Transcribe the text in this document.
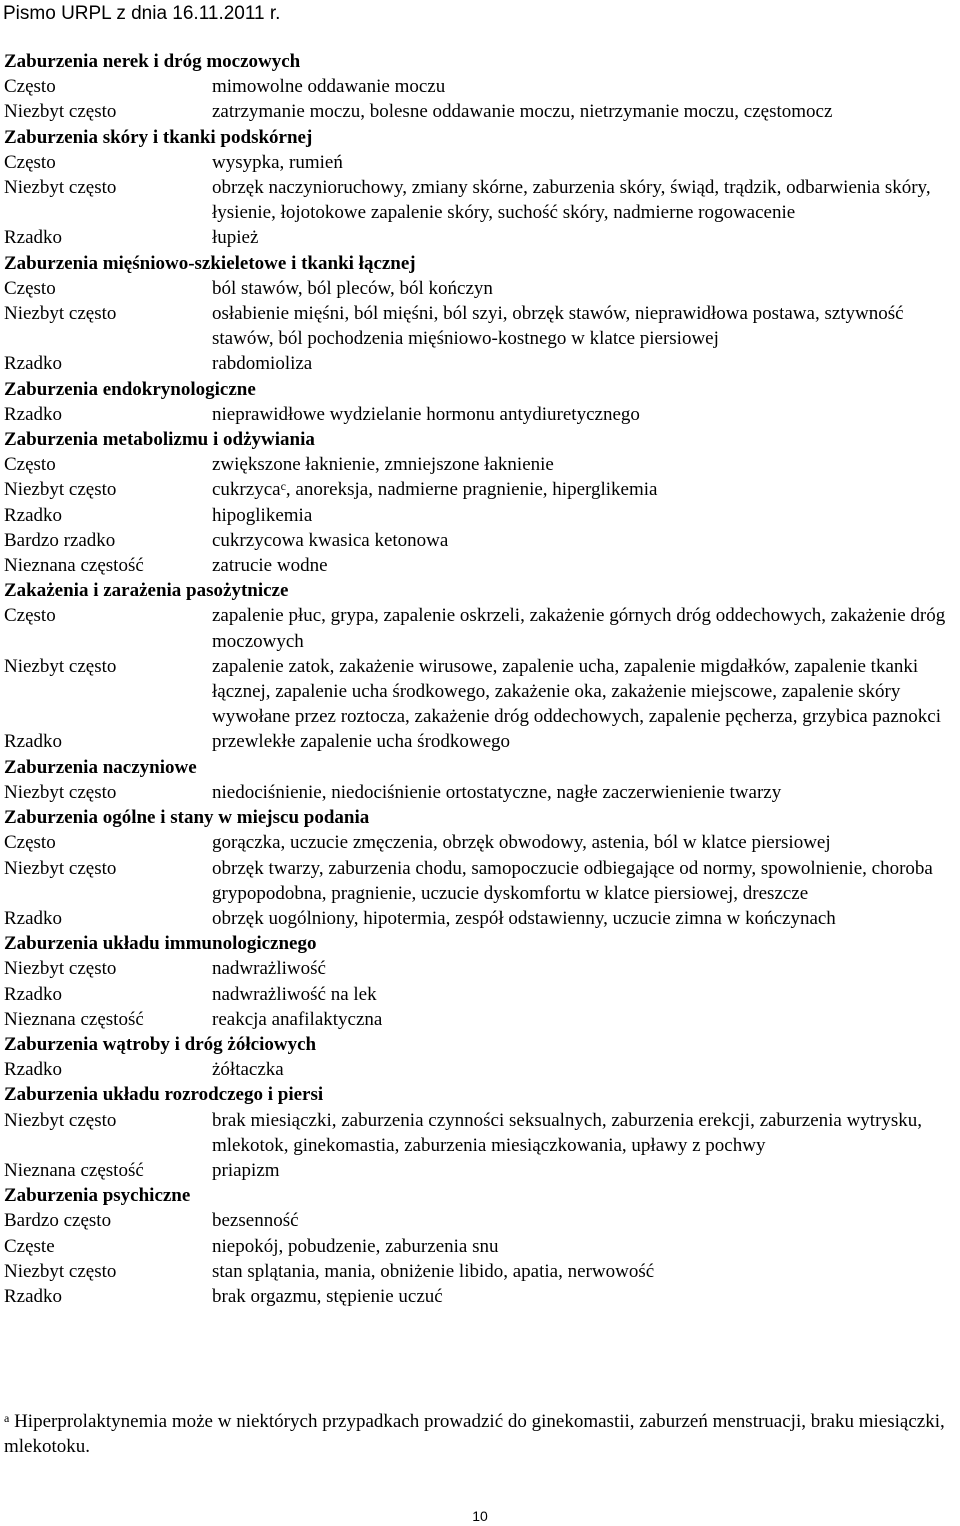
Pismo URPL z dnia 16.11.2011 r.
Zaburzenia nerek i dróg moczowych
Często	mimowolne oddawanie moczu
Niezbyt często	zatrzymanie moczu, bolesne oddawanie moczu, nietrzymanie moczu, częstomocz
Zaburzenia skóry i tkanki podskórnej
Często	wysypka, rumień
Niezbyt często	obrzęk naczynioruchowy, zmiany skórne, zaburzenia skóry, świąd, trądzik, odbarwienia skóry, łysienie, łojotokowe zapalenie skóry, suchość skóry, nadmierne rogowacenie
Rzadko	łupież
Zaburzenia mięśniowo-szkieletowe i tkanki łącznej
Często	ból stawów, ból pleców, ból kończyn
Niezbyt często	osłabienie mięśni, ból mięśni, ból szyi, obrzęk stawów, nieprawidłowa postawa, sztywność stawów, ból pochodzenia mięśniowo-kostnego w klatce piersiowej
Rzadko	rabdomioliza
Zaburzenia endokrynologiczne
Rzadko	nieprawidłowe wydzielanie hormonu antydiuretycznego
Zaburzenia metabolizmu i odżywiania
Często	zwiększone łaknienie, zmniejszone łaknienie
Niezbyt często	cukrzyca$^c$, anoreksja, nadmierne pragnienie, hiperglikemia
Rzadko	hipoglikemia
Bardzo rzadko	cukrzycowa kwasica ketonowa
Nieznana częstość	zatrucie wodne
Zakażenia i zarażenia pasożytnicze
Często	zapalenie płuc, grypa, zapalenie oskrzeli, zakażenie górnych dróg oddechowych, zakażenie dróg moczowych
Niezbyt często	zapalenie zatok, zakażenie wirusowe, zapalenie ucha, zapalenie migdałków, zapalenie tkanki łącznej, zapalenie ucha środkowego, zakażenie oka, zakażenie miejscowe, zapalenie skóry wywołane przez roztocza, zakażenie dróg oddechowych, zapalenie pęcherza, grzybica paznokci
Rzadko	przewlekłe zapalenie ucha środkowego
Zaburzenia naczyniowe
Niezbyt często	niedociśnienie, niedociśnienie ortostatyczne, nagłe zaczerwienienie twarzy
Zaburzenia ogólne i stany w miejscu podania
Często	gorączka, uczucie zmęczenia, obrzęk obwodowy, astenia, ból w klatce piersiowej
Niezbyt często	obrzęk twarzy, zaburzenia chodu, samopoczucie odbiegające od normy, spowolnienie, choroba grypopodobna, pragnienie, uczucie dyskomfortu w klatce piersiowej, dreszcze
Rzadko	obrzęk uogólniony, hipotermia, zespół odstawienny, uczucie zimna w kończynach
Zaburzenia układu immunologicznego
Niezbyt często	nadwrażliwość
Rzadko	nadwrażliwość na lek
Nieznana częstość	reakcja anafilaktyczna
Zaburzenia wątroby i dróg żółciowych
Rzadko	żółtaczka
Zaburzenia układu rozrodczego i piersi
Niezbyt często	brak miesiączki, zaburzenia czynności seksualnych, zaburzenia erekcji, zaburzenia wytrysku, mlekotok, ginekomastia, zaburzenia miesiączkowania, upławy z pochwy
Nieznana częstość	priapizm
Zaburzenia psychiczne
Bardzo często	bezsenność
Częste	niepokój, pobudzenie, zaburzenia snu
Niezbyt często	stan splątania, mania, obniżenie libido, apatia, nerwowość
Rzadko	brak orgazmu, stępienie uczuć
$^a$ Hiperprolaktynemia może w niektórych przypadkach prowadzić do ginekomastii, zaburzeń menstruacji, braku miesiączki, mlekotoku.
10
